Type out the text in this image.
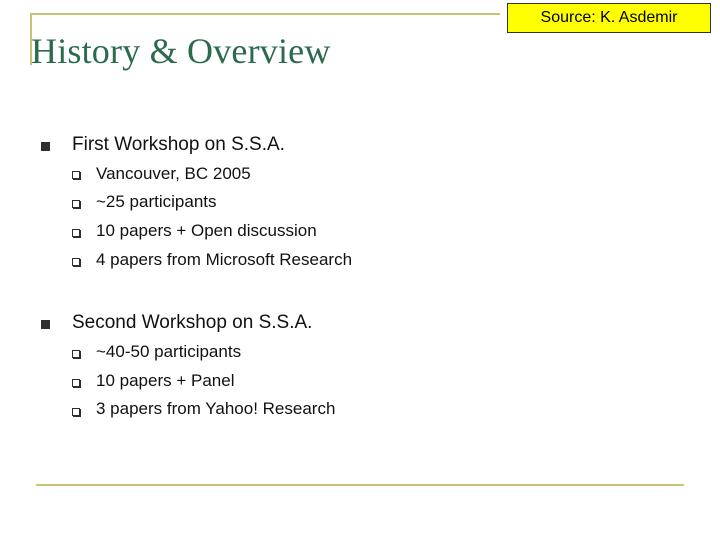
History & Overview
Source: K. Asdemir
First Workshop on S.S.A.
Vancouver, BC 2005
~25 participants
10 papers + Open discussion
4 papers from Microsoft Research
Second Workshop on S.S.A.
~40-50 participants
10 papers + Panel
3 papers from Yahoo! Research
